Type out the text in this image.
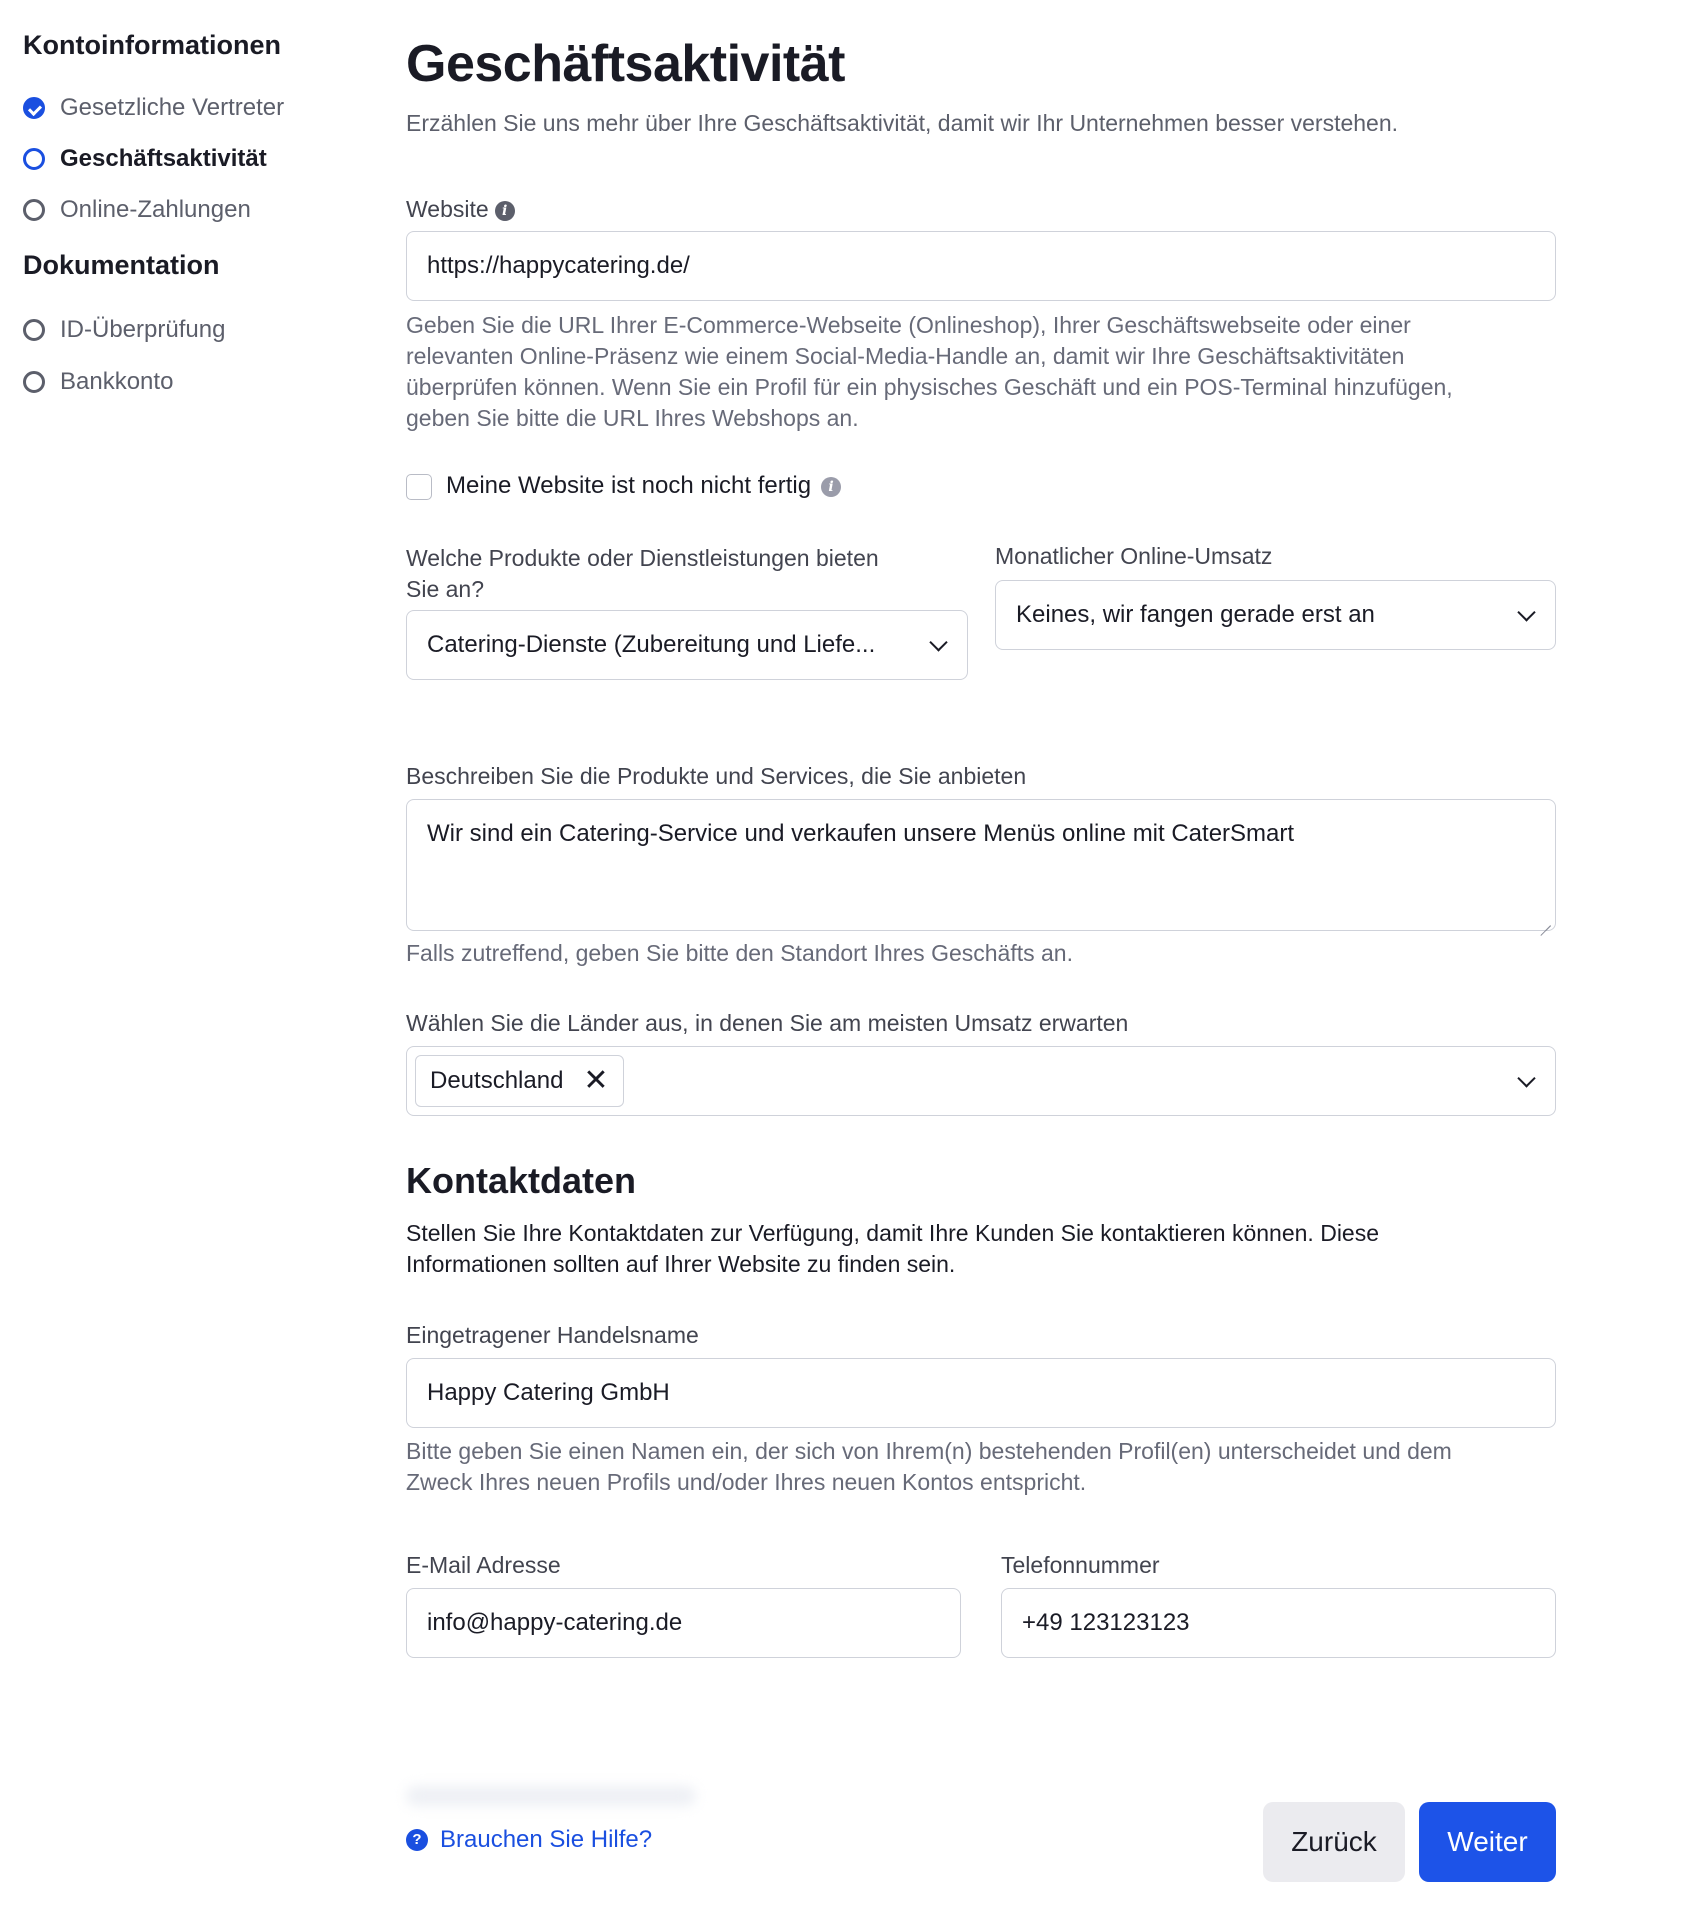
Kontoinformationen
Gesetzliche Vertreter
Geschäftsaktivität
Online-Zahlungen
Dokumentation
ID-Überprüfung
Bankkonto
Geschäftsaktivität
Erzählen Sie uns mehr über Ihre Geschäftsaktivität, damit wir Ihr Unternehmen besser verstehen.
Website i
https://happycatering.de/
Geben Sie die URL Ihrer E-Commerce-Webseite (Onlineshop), Ihrer Geschäftswebseite oder einer
relevanten Online-Präsenz wie einem Social-Media-Handle an, damit wir Ihre Geschäftsaktivitäten
überprüfen können. Wenn Sie ein Profil für ein physisches Geschäft und ein POS-Terminal hinzufügen,
geben Sie bitte die URL Ihres Webshops an.
Meine Website ist noch nicht fertig i
Welche Produkte oder Dienstleistungen bieten
Sie an?
Catering-Dienste (Zubereitung und Liefe...
Monatlicher Online-Umsatz
Keines, wir fangen gerade erst an
Beschreiben Sie die Produkte und Services, die Sie anbieten
Wir sind ein Catering-Service und verkaufen unsere Menüs online mit CaterSmart
Falls zutreffend, geben Sie bitte den Standort Ihres Geschäfts an.
Wählen Sie die Länder aus, in denen Sie am meisten Umsatz erwarten
Deutschland ✕
Kontaktdaten
Stellen Sie Ihre Kontaktdaten zur Verfügung, damit Ihre Kunden Sie kontaktieren können. Diese
Informationen sollten auf Ihrer Website zu finden sein.
Eingetragener Handelsname
Happy Catering GmbH
Bitte geben Sie einen Namen ein, der sich von Ihrem(n) bestehenden Profil(en) unterscheidet und dem
Zweck Ihres neuen Profils und/oder Ihres neuen Kontos entspricht.
E-Mail Adresse
info@happy-catering.de
Telefonnummer
+49 123123123
? Brauchen Sie Hilfe?	Zurück	Weiter
